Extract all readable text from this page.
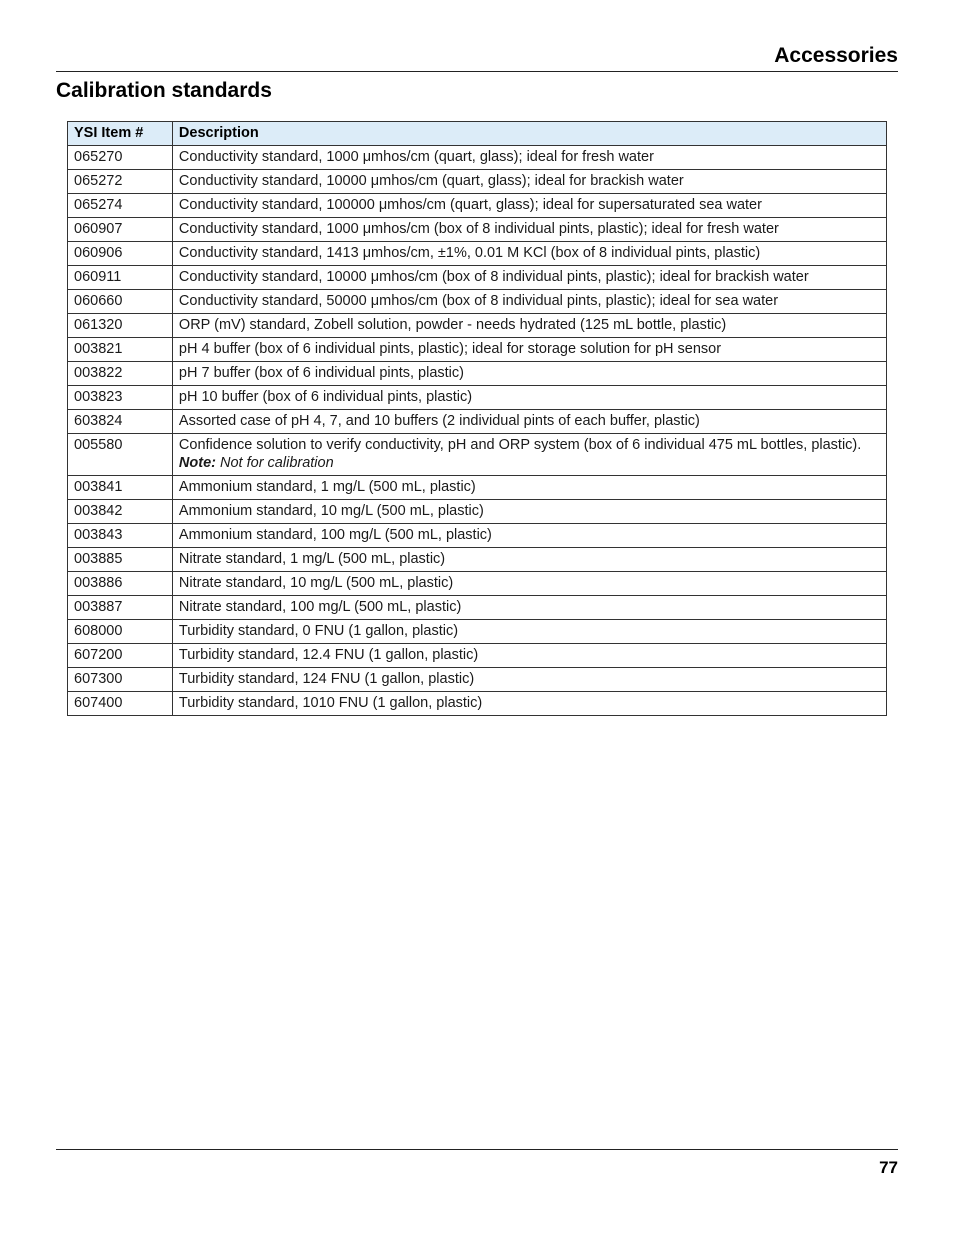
Accessories
Calibration standards
YSI Item #	Description
065270	Conductivity standard, 1000 μmhos/cm (quart, glass); ideal for fresh water
065272	Conductivity standard, 10000 μmhos/cm (quart, glass); ideal for brackish water
065274	Conductivity standard, 100000 μmhos/cm (quart, glass); ideal for supersaturated sea water
060907	Conductivity standard, 1000 μmhos/cm (box of 8 individual pints, plastic); ideal for fresh water
060906	Conductivity standard, 1413 μmhos/cm, ±1%, 0.01 M KCl (box of 8 individual pints, plastic)
060911	Conductivity standard, 10000 μmhos/cm (box of 8 individual pints, plastic); ideal for brackish water
060660	Conductivity standard, 50000 μmhos/cm (box of 8 individual pints, plastic); ideal for sea water
061320	ORP (mV) standard, Zobell solution, powder - needs hydrated (125 mL bottle, plastic)
003821	pH 4 buffer (box of 6 individual pints, plastic); ideal for storage solution for pH sensor
003822	pH 7 buffer (box of 6 individual pints, plastic)
003823	pH 10 buffer (box of 6 individual pints, plastic)
603824	Assorted case of pH 4, 7, and 10 buffers (2 individual pints of each buffer, plastic)
005580	Confidence solution to verify conductivity, pH and ORP system (box of 6 individual 475 mL bottles, plastic). Note: Not for calibration
003841	Ammonium standard, 1 mg/L (500 mL, plastic)
003842	Ammonium standard, 10 mg/L (500 mL, plastic)
003843	Ammonium standard, 100 mg/L (500 mL, plastic)
003885	Nitrate standard, 1 mg/L (500 mL, plastic)
003886	Nitrate standard, 10 mg/L (500 mL, plastic)
003887	Nitrate standard, 100 mg/L (500 mL, plastic)
608000	Turbidity standard, 0 FNU (1 gallon, plastic)
607200	Turbidity standard, 12.4 FNU (1 gallon, plastic)
607300	Turbidity standard, 124 FNU (1 gallon, plastic)
607400	Turbidity standard, 1010 FNU (1 gallon, plastic)
77
